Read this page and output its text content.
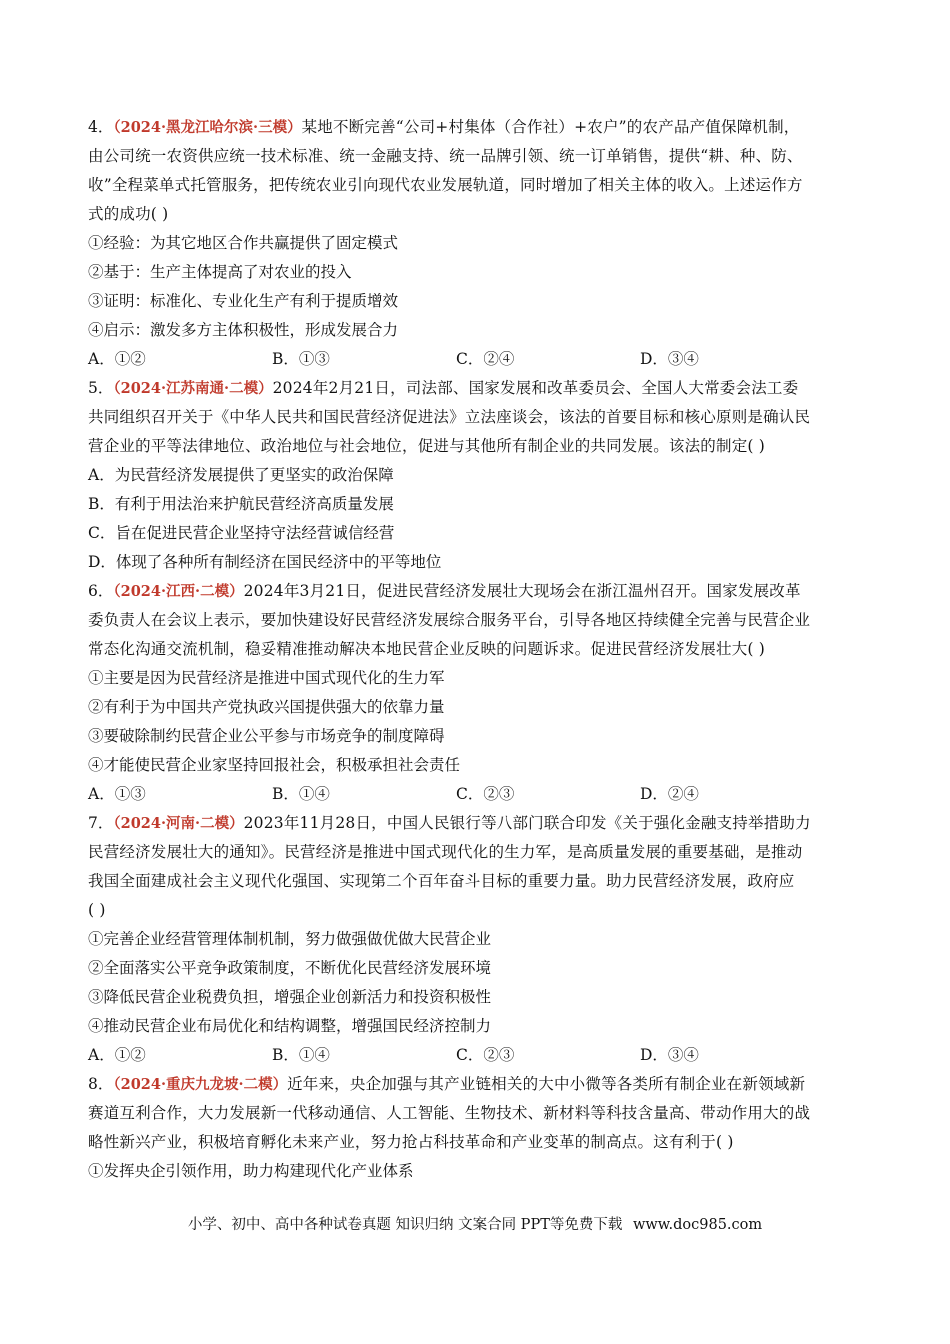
4．（2024·黑龙江哈尔滨·三模）某地不断完善“公司+村集体（合作社）+农户”的农产品产值保障机制，
由公司统一农资供应统一技术标准、统一金融支持、统一品牌引领、统一订单销售，提供“耕、种、防、
收”全程菜单式托管服务，把传统农业引向现代农业发展轨道，同时增加了相关主体的收入。上述运作方
式的成功( )
①经验：为其它地区合作共赢提供了固定模式
②基于：生产主体提高了对农业的投入
③证明：标准化、专业化生产有利于提质增效
④启示：激发多方主体积极性，形成发展合力
A．①②	B．①③	C．②④	D．③④
5．（2024·江苏南通·二模）2024年2月21日，司法部、国家发展和改革委员会、全国人大常委会法工委
共同组织召开关于《中华人民共和国民营经济促进法》立法座谈会，该法的首要目标和核心原则是确认民
营企业的平等法律地位、政治地位与社会地位，促进与其他所有制企业的共同发展。该法的制定( )
A．为民营经济发展提供了更坚实的政治保障
B．有利于用法治来护航民营经济高质量发展
C．旨在促进民营企业坚持守法经营诚信经营
D．体现了各种所有制经济在国民经济中的平等地位
6．（2024·江西·二模）2024年3月21日，促进民营经济发展壮大现场会在浙江温州召开。国家发展改革
委负责人在会议上表示，要加快建设好民营经济发展综合服务平台，引导各地区持续健全完善与民营企业
常态化沟通交流机制，稳妥精准推动解决本地民营企业反映的问题诉求。促进民营经济发展壮大( )
①主要是因为民营经济是推进中国式现代化的生力军
②有利于为中国共产党执政兴国提供强大的依靠力量
③要破除制约民营企业公平参与市场竞争的制度障碍
④才能使民营企业家坚持回报社会，积极承担社会责任
A．①③	B．①④	C．②③	D．②④
7．（2024·河南·二模）2023年11月28日，中国人民银行等八部门联合印发《关于强化金融支持举措助力
民营经济发展壮大的通知》。民营经济是推进中国式现代化的生力军，是高质量发展的重要基础，是推动
我国全面建成社会主义现代化强国、实现第二个百年奋斗目标的重要力量。助力民营经济发展，政府应
( )
①完善企业经营管理体制机制，努力做强做优做大民营企业
②全面落实公平竞争政策制度，不断优化民营经济发展环境
③降低民营企业税费负担，增强企业创新活力和投资积极性
④推动民营企业布局优化和结构调整，增强国民经济控制力
A．①②	B．①④	C．②③	D．③④
8．（2024·重庆九龙坡·二模）近年来，央企加强与其产业链相关的大中小微等各类所有制企业在新领域新
赛道互利合作，大力发展新一代移动通信、人工智能、生物技术、新材料等科技含量高、带动作用大的战
略性新兴产业，积极培育孵化未来产业，努力抢占科技革命和产业变革的制高点。这有利于( )
①发挥央企引领作用，助力构建现代化产业体系
小学、初中、高中各种试卷真题 知识归纳 文案合同 PPT等免费下载 www.doc985.com
